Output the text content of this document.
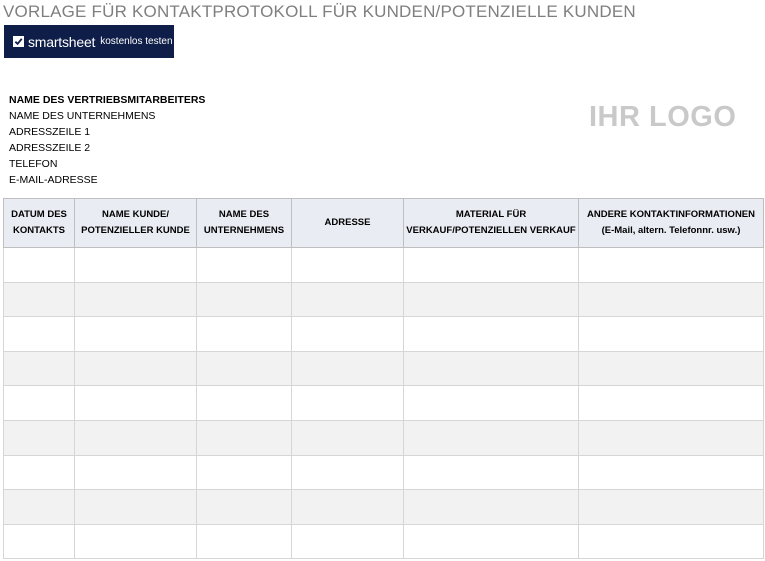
VORLAGE FÜR KONTAKTPROTOKOLL FÜR KUNDEN/POTENZIELLE KUNDEN
smartsheet kostenlos testen
NAME DES VERTRIEBSMITARBEITERS
NAME DES UNTERNEHMENS
ADRESSZEILE 1
ADRESSZEILE 2
TELEFON
E-MAIL-ADRESSE
IHR LOGO
DATUM DES KONTAKTS	NAME KUNDE/ POTENZIELLER KUNDE	NAME DES UNTERNEHMENS	ADRESSE	MATERIAL FÜR VERKAUF/POTENZIELLEN VERKAUF	ANDERE KONTAKTINFORMATIONEN
(E-Mail, altern. Telefonnr. usw.)
